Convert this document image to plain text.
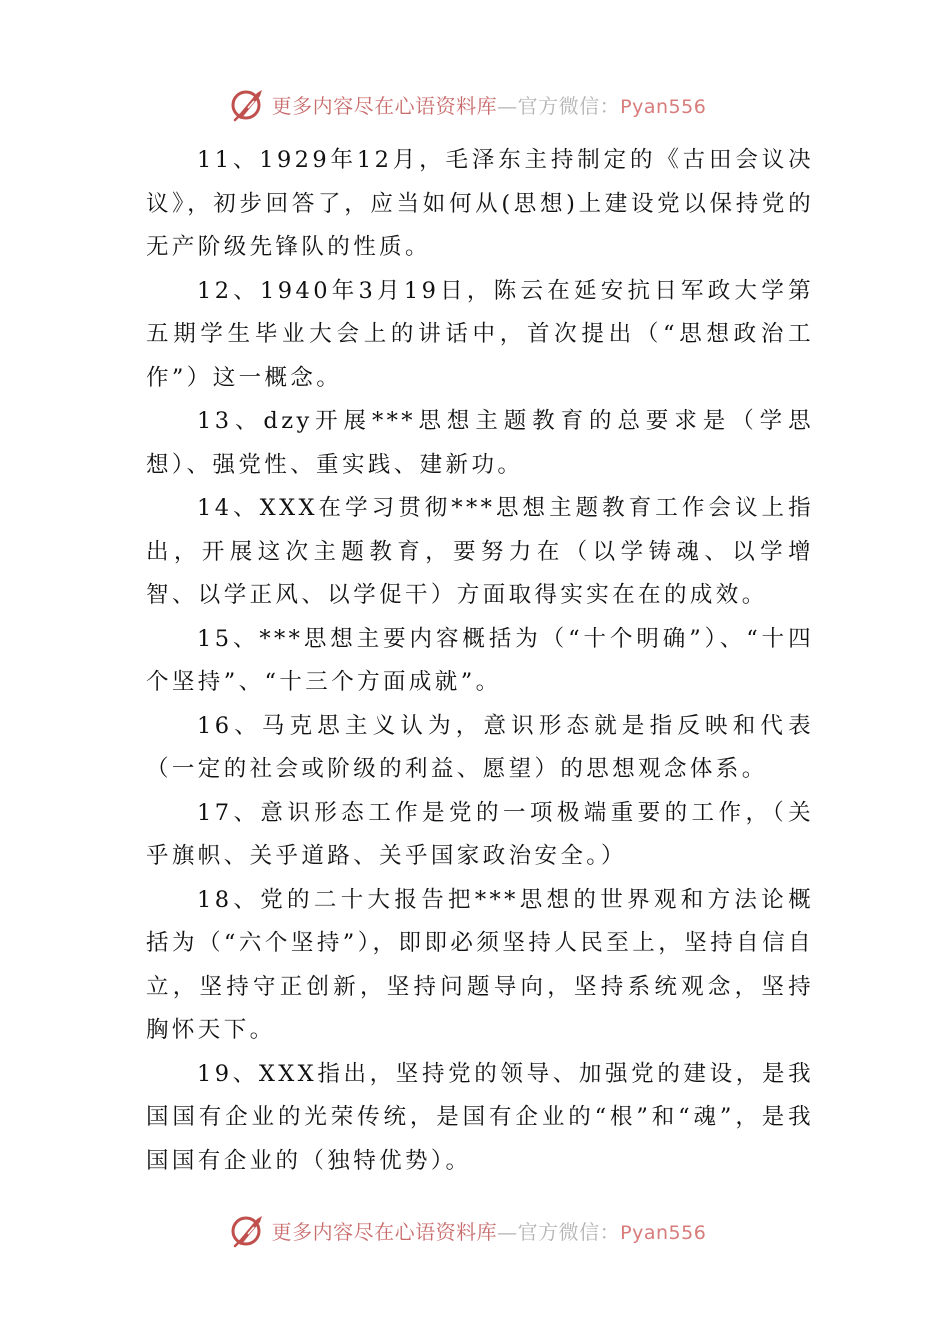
更多内容尽在心语资料库—官方微信：Pyan556

11、1929年12月，毛泽东主持制定的《古田会议决议》，初步回答了，应当如何从(思想)上建设党以保持党的无产阶级先锋队的性质。

12、1940年3月19日，陈云在延安抗日军政大学第五期学生毕业大会上的讲话中，首次提出（“思想政治工作”）这一概念。

13、dzy开展***思想主题教育的总要求是（学思想）、强党性、重实践、建新功。

14、XXX在学习贯彻***思想主题教育工作会议上指出，开展这次主题教育，要努力在（以学铸魂、以学增智、以学正风、以学促干）方面取得实实在在的成效。

15、***思想主要内容概括为（“十个明确”）、“十四个坚持”、“十三个方面成就”。

16、马克思主义认为，意识形态就是指反映和代表（一定的社会或阶级的利益、愿望）的思想观念体系。

17、意识形态工作是党的一项极端重要的工作，（关乎旗帜、关乎道路、关乎国家政治安全。）

18、党的二十大报告把***思想的世界观和方法论概括为（“六个坚持”），即即必须坚持人民至上，坚持自信自立，坚持守正创新，坚持问题导向，坚持系统观念，坚持胸怀天下。

19、XXX指出，坚持党的领导、加强党的建设，是我国国有企业的光荣传统，是国有企业的“根”和“魂”，是我国国有企业的（独特优势）。

更多内容尽在心语资料库—官方微信：Pyan556
